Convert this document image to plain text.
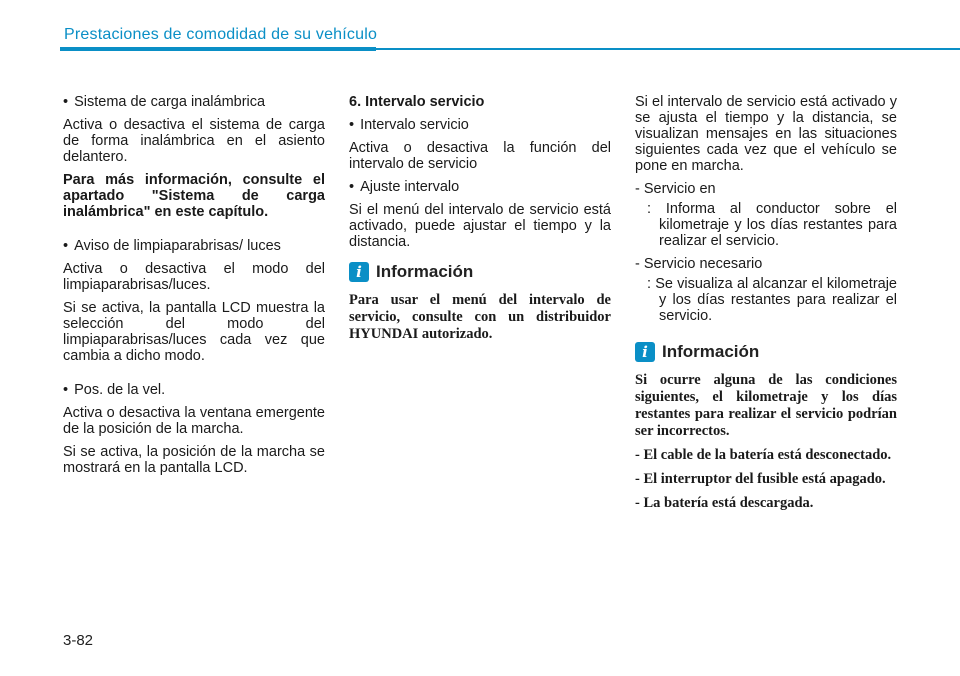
Prestaciones de comodidad de su vehículo

• Sistema de carga inalámbrica

Activa o desactiva el sistema de carga de forma inalámbrica en el asiento delantero.

Para más información, consulte el apartado "Sistema de carga inalámbrica" en este capítulo.

• Aviso de limpiaparabrisas/ luces

Activa o desactiva el modo del limpiaparabrisas/luces.

Si se activa, la pantalla LCD muestra la selección del modo del limpiaparabrisas/luces cada vez que cambia a dicho modo.

• Pos. de la vel.

Activa o desactiva la ventana emergente de la posición de la marcha.

Si se activa, la posición de la marcha se mostrará en la pantalla LCD.

6. Intervalo servicio

• Intervalo servicio

Activa o desactiva la función del intervalo de servicio

• Ajuste intervalo

Si el menú del intervalo de servicio está activado, puede ajustar el tiempo y la distancia.

i Información

Para usar el menú del intervalo de servicio, consulte con un distribuidor HYUNDAI autorizado.

Si el intervalo de servicio está activado y se ajusta el tiempo y la distancia, se visualizan mensajes en las situaciones siguientes cada vez que el vehículo se pone en marcha.

- Servicio en

: Informa al conductor sobre el kilometraje y los días restantes para realizar el servicio.

- Servicio necesario

: Se visualiza al alcanzar el kilometraje y los días restantes para realizar el servicio.

i Información

Si ocurre alguna de las condiciones siguientes, el kilometraje y los días restantes para realizar el servicio podrían ser incorrectos.

- El cable de la batería está desconectado.

- El interruptor del fusible está apagado.

- La batería está descargada.

3-82
